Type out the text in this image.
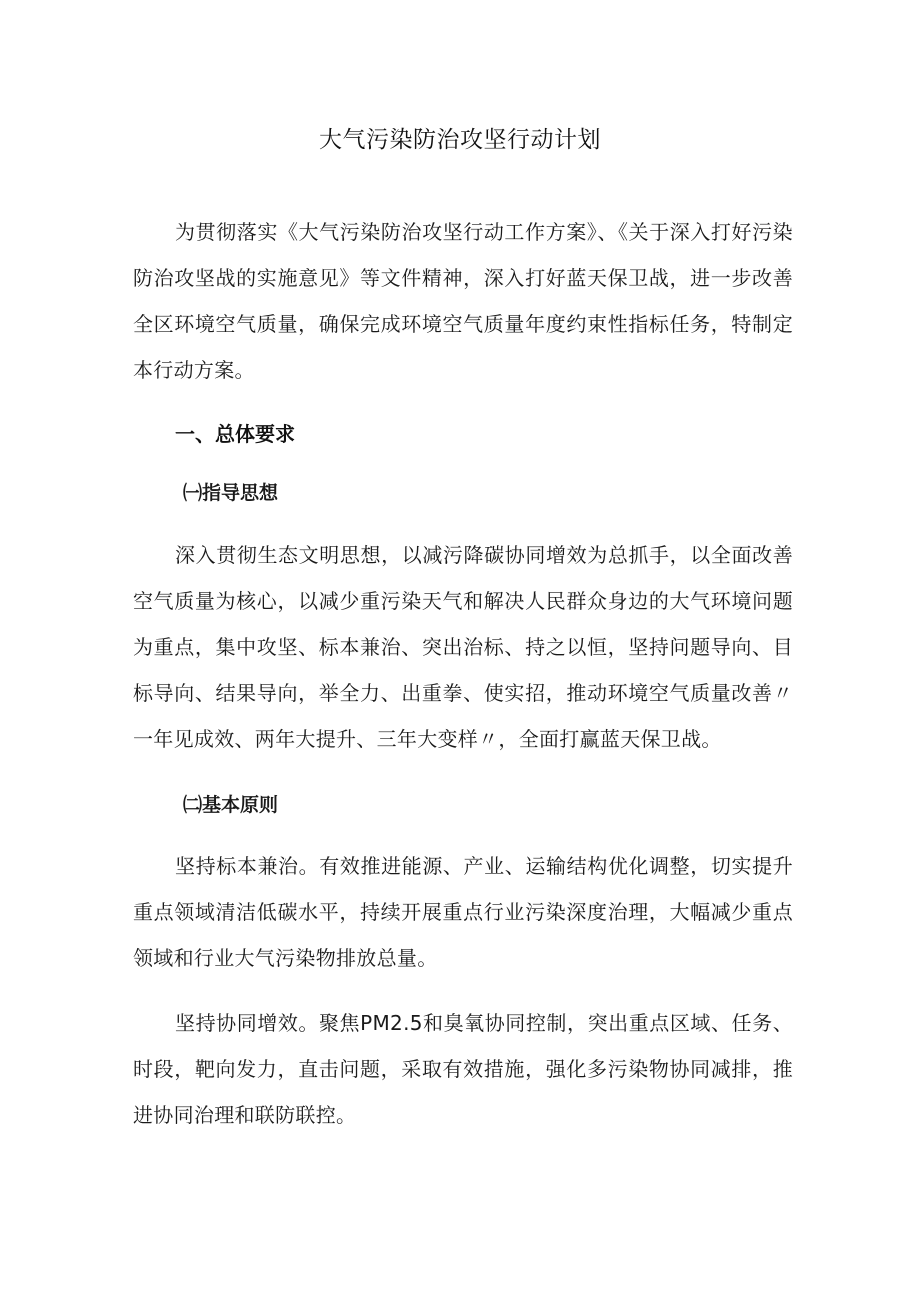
大气污染防治攻坚行动计划

为贯彻落实《大气污染防治攻坚行动工作方案》、《关于深入打好污染防治攻坚战的实施意见》等文件精神，深入打好蓝天保卫战，进一步改善全区环境空气质量，确保完成环境空气质量年度约束性指标任务，特制定本行动方案。

一、总体要求
㈠指导思想

深入贯彻生态文明思想，以减污降碳协同增效为总抓手，以全面改善空气质量为核心，以减少重污染天气和解决人民群众身边的大气环境问题为重点，集中攻坚、标本兼治、突出治标、持之以恒，坚持问题导向、目标导向、结果导向，举全力、出重拳、使实招，推动环境空气质量改善〃一年见成效、两年大提升、三年大变样〃，全面打赢蓝天保卫战。

㈡基本原则

坚持标本兼治。有效推进能源、产业、运输结构优化调整，切实提升重点领域清洁低碳水平，持续开展重点行业污染深度治理，大幅减少重点领域和行业大气污染物排放总量。

坚持协同增效。聚焦PM2.5和臭氧协同控制，突出重点区域、任务、时段，靶向发力，直击问题，采取有效措施，强化多污染物协同减排，推进协同治理和联防联控。
